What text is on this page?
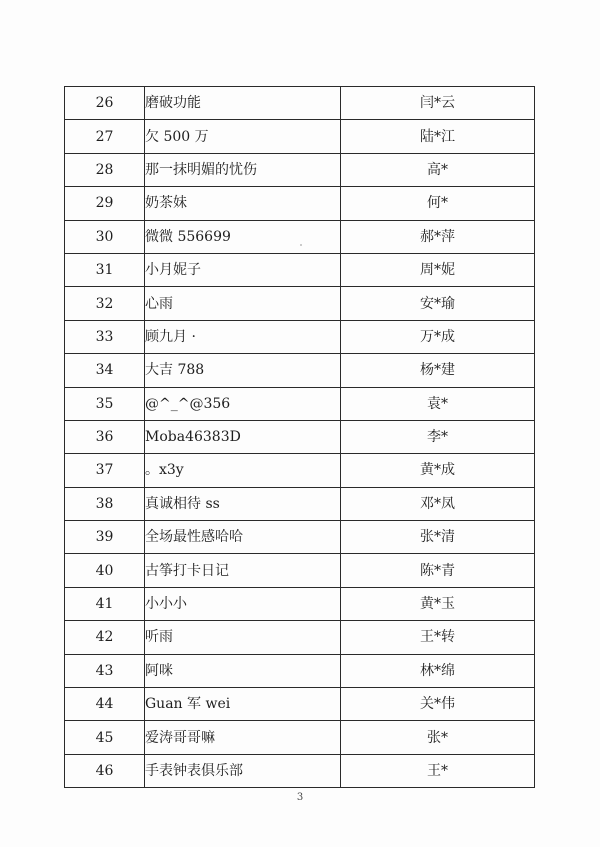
26	磨破功能	闫*云
27	欠 500 万	陆*江
28	那一抹明媚的忧伤	高*
29	奶茶妹	何*
30	微微 556699	郝*萍
31	小月妮子	周*妮
32	心雨	安*瑜
33	顾九月 ·	万*成
34	大吉 788	杨*建
35	@^_^@356	袁*
36	Moba46383D	李*
37	。x3y	黄*成
38	真诚相待 ss	邓*凤
39	全场最性感哈哈	张*清
40	古筝打卡日记	陈*青
41	小小小	黄*玉
42	听雨	王*转
43	阿咪	林*绵
44	Guan 军 wei	关*伟
45	爱涛哥哥嘛	张*
46	手表钟表俱乐部	王*
3
